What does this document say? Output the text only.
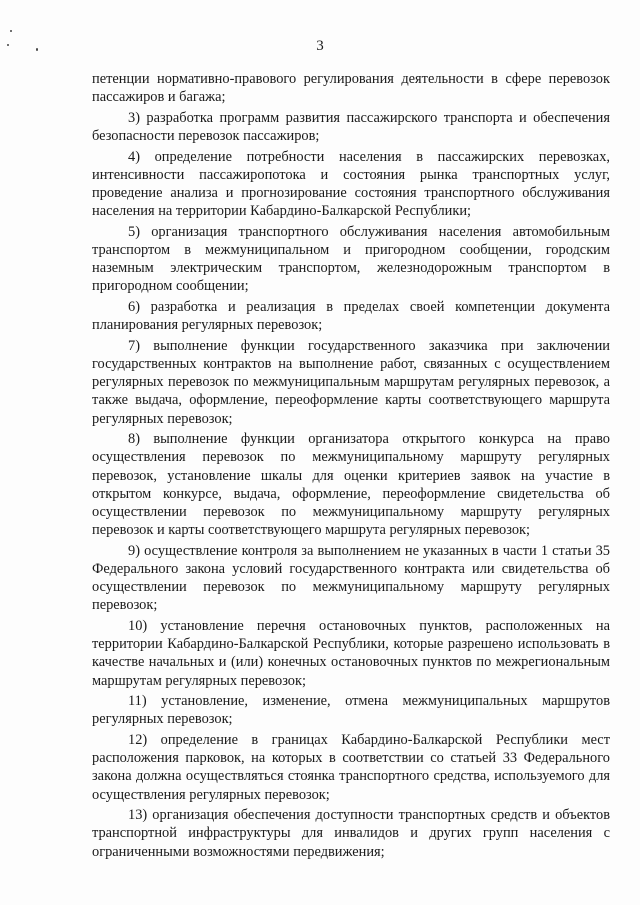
3

петенции нормативно-правового регулирования деятельности в сфере перевозок пассажиров и багажа;

3) разработка программ развития пассажирского транспорта и обеспечения безопасности перевозок пассажиров;

4) определение потребности населения в пассажирских перевозках, интенсивности пассажиропотока и состояния рынка транспортных услуг, проведение анализа и прогнозирование состояния транспортного обслуживания населения на территории Кабардино-Балкарской Республики;

5) организация транспортного обслуживания населения автомобильным транспортом в межмуниципальном и пригородном сообщении, городским наземным электрическим транспортом, железнодорожным транспортом в пригородном сообщении;

6) разработка и реализация в пределах своей компетенции документа планирования регулярных перевозок;

7) выполнение функции государственного заказчика при заключении государственных контрактов на выполнение работ, связанных с осуществлением регулярных перевозок по межмуниципальным маршрутам регулярных перевозок, а также выдача, оформление, переоформление карты соответствующего маршрута регулярных перевозок;

8) выполнение функции организатора открытого конкурса на право осуществления перевозок по межмуниципальному маршруту регулярных перевозок, установление шкалы для оценки критериев заявок на участие в открытом конкурсе, выдача, оформление, переоформление свидетельства об осуществлении перевозок по межмуниципальному маршруту регулярных перевозок и карты соответствующего маршрута регулярных перевозок;

9) осуществление контроля за выполнением не указанных в части 1 статьи 35 Федерального закона условий государственного контракта или свидетельства об осуществлении перевозок по межмуниципальному маршруту регулярных перевозок;

10) установление перечня остановочных пунктов, расположенных на территории Кабардино-Балкарской Республики, которые разрешено использовать в качестве начальных и (или) конечных остановочных пунктов по межрегиональным маршрутам регулярных перевозок;

11) установление, изменение, отмена межмуниципальных маршрутов регулярных перевозок;

12) определение в границах Кабардино-Балкарской Республики мест расположения парковок, на которых в соответствии со статьей 33 Федерального закона должна осуществляться стоянка транспортного средства, используемого для осуществления регулярных перевозок;

13) организация обеспечения доступности транспортных средств и объектов транспортной инфраструктуры для инвалидов и других групп населения с ограниченными возможностями передвижения;
